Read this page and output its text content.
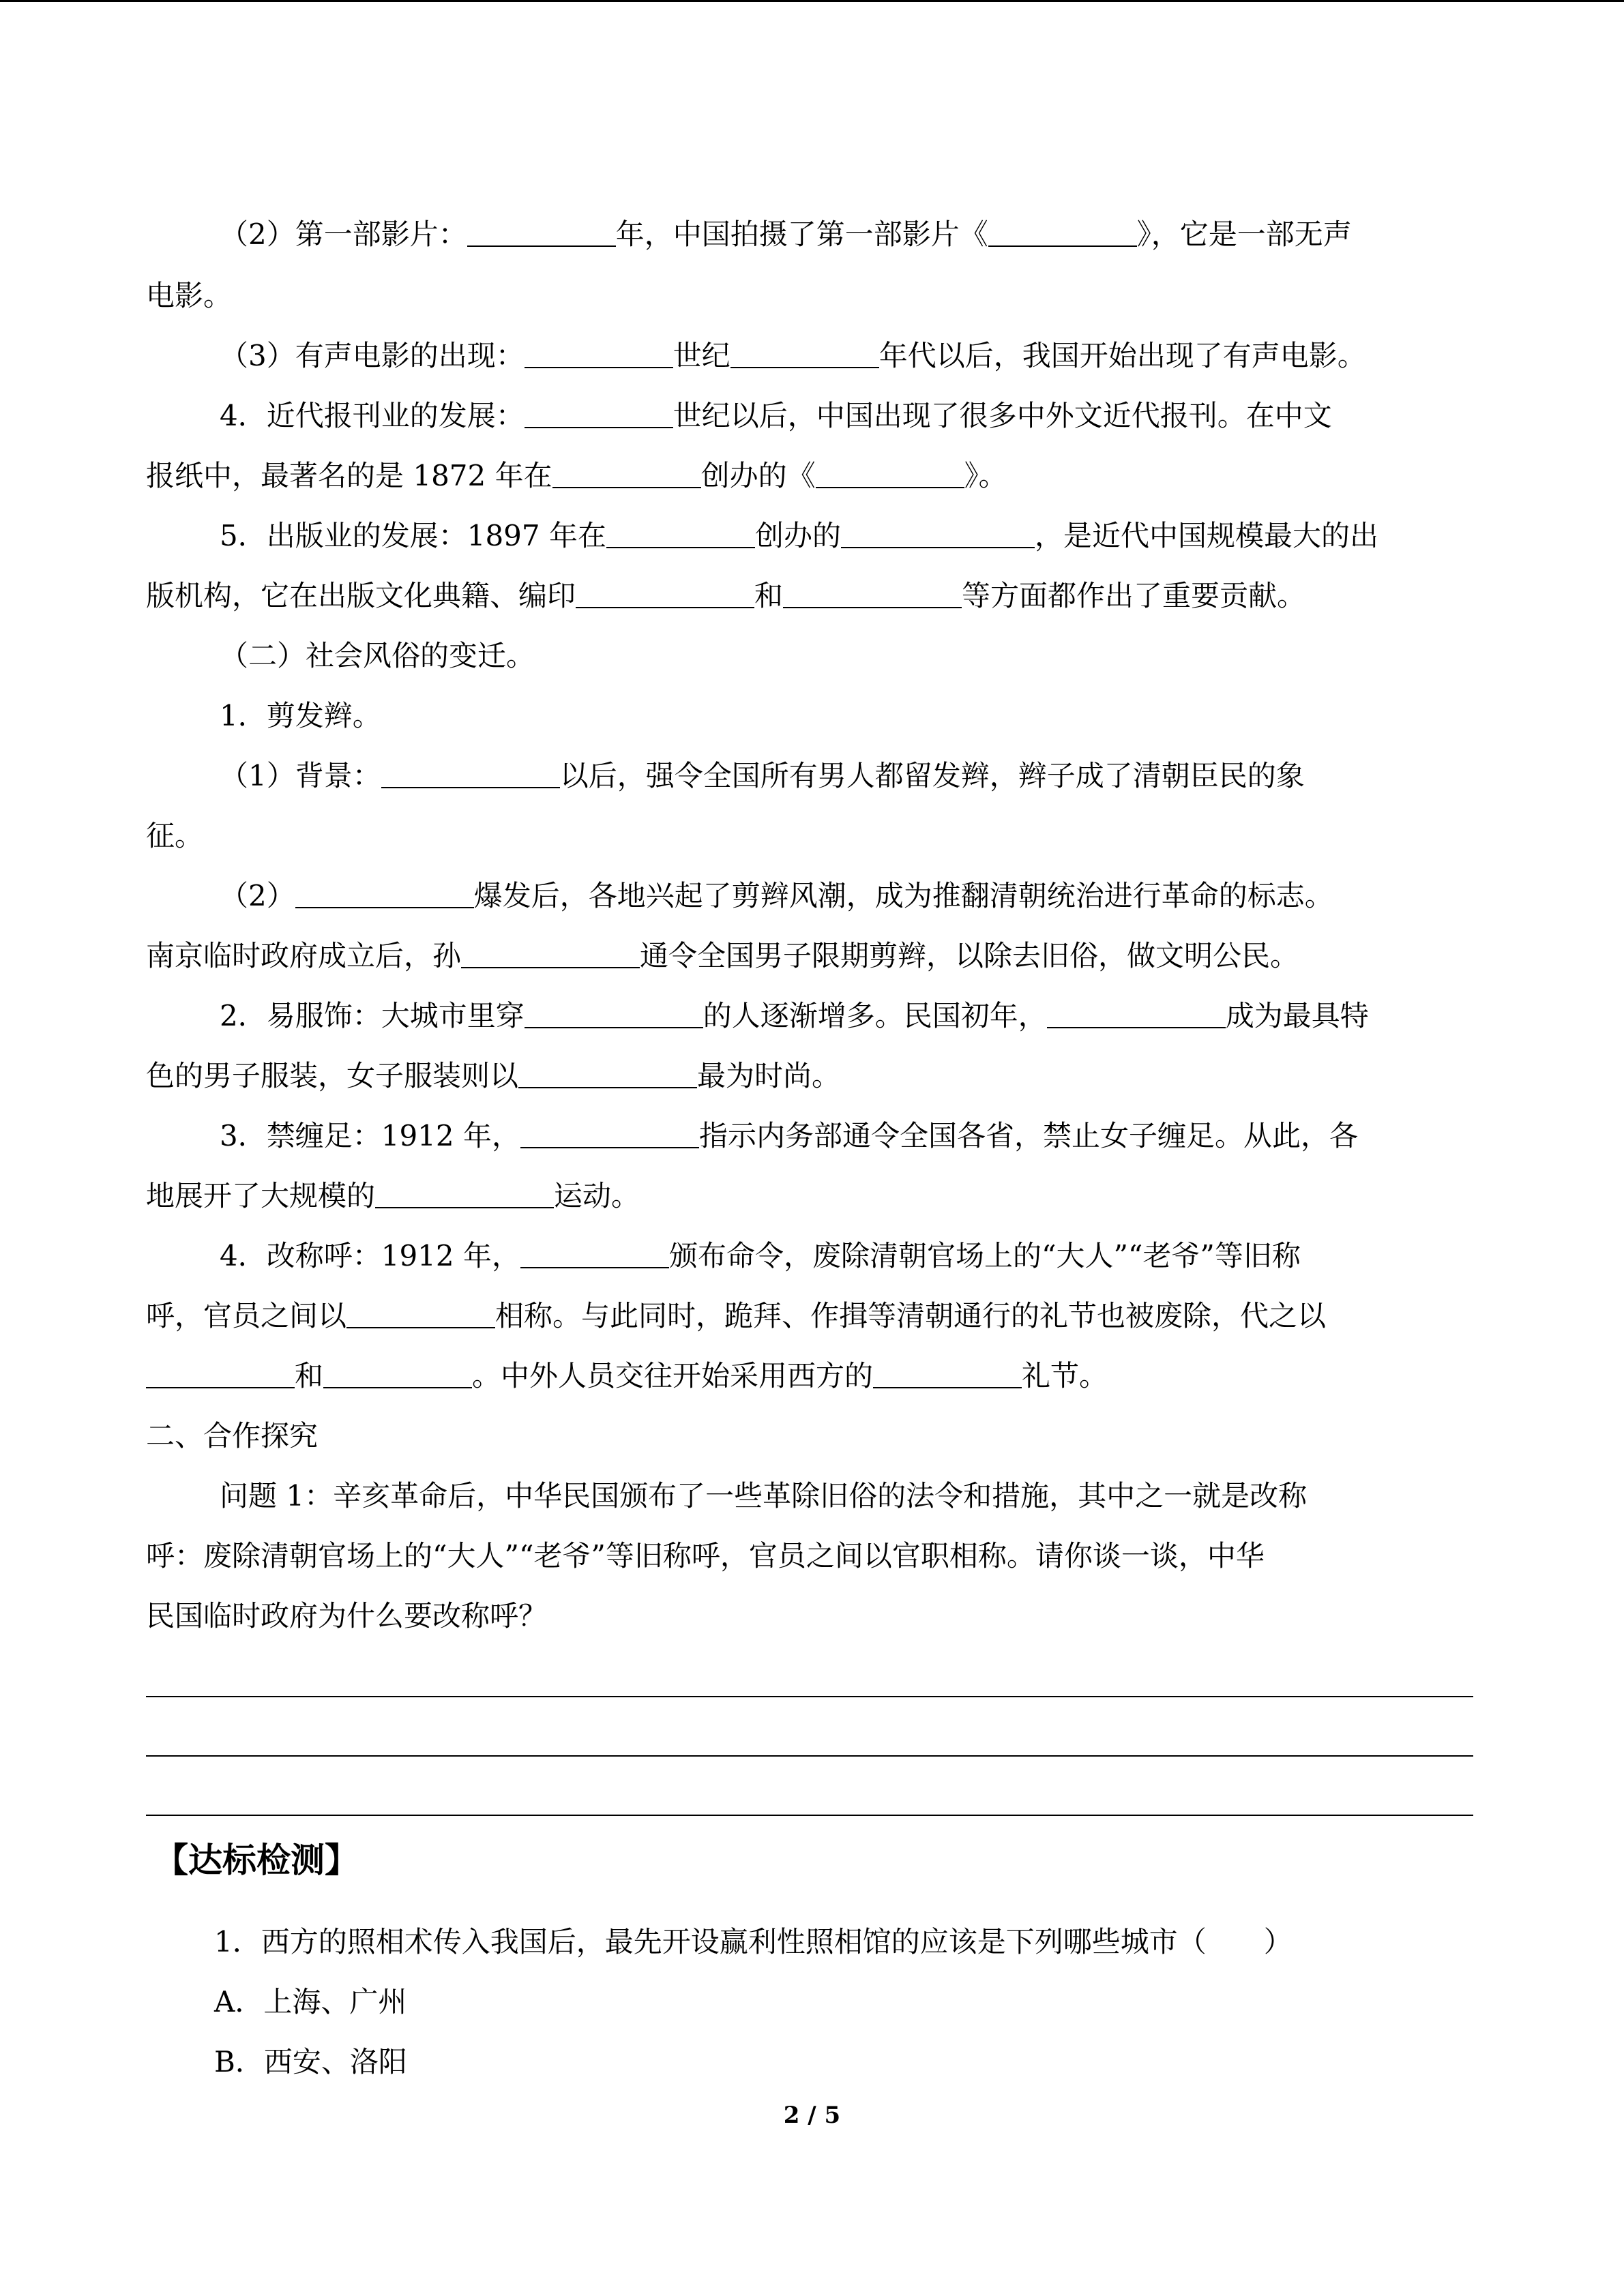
（2）第一部影片：	年，中国拍摄了第一部影片《	》，它是一部无声
电影。
（3）有声电影的出现：	世纪	年代以后，我国开始出现了有声电影。
4．近代报刊业的发展：	世纪以后，中国出现了很多中外文近代报刊。在中文
报纸中，最著名的是 1872 年在	创办的《	》。
5．出版业的发展：1897 年在	创办的	，是近代中国规模最大的出
版机构，它在出版文化典籍、编印	和	等方面都作出了重要贡献。
（二）社会风俗的变迁。
1．剪发辫。
（1）背景：	以后，强令全国所有男人都留发辫，辫子成了清朝臣民的象
征。
（2）	爆发后，各地兴起了剪辫风潮，成为推翻清朝统治进行革命的标志。
南京临时政府成立后，孙	通令全国男子限期剪辫，以除去旧俗，做文明公民。
2．易服饰：大城市里穿	的人逐渐增多。民国初年，	成为最具特
色的男子服装，女子服装则以	最为时尚。
3．禁缠足：1912 年，	指示内务部通令全国各省，禁止女子缠足。从此，各
地展开了大规模的	运动。
4．改称呼：1912 年，	颁布命令，废除清朝官场上的“大人”“老爷”等旧称
呼，官员之间以	相称。与此同时，跪拜、作揖等清朝通行的礼节也被废除，代之以
和	。中外人员交往开始采用西方的	礼节。
二、合作探究
问题 1：辛亥革命后，中华民国颁布了一些革除旧俗的法令和措施，其中之一就是改称
呼：废除清朝官场上的“大人”“老爷”等旧称呼，官员之间以官职相称。请你谈一谈，中华
民国临时政府为什么要改称呼？
【达标检测】
1．西方的照相术传入我国后，最先开设赢利性照相馆的应该是下列哪些城市（　　）
A．上海、广州
B．西安、洛阳
2 / 5
